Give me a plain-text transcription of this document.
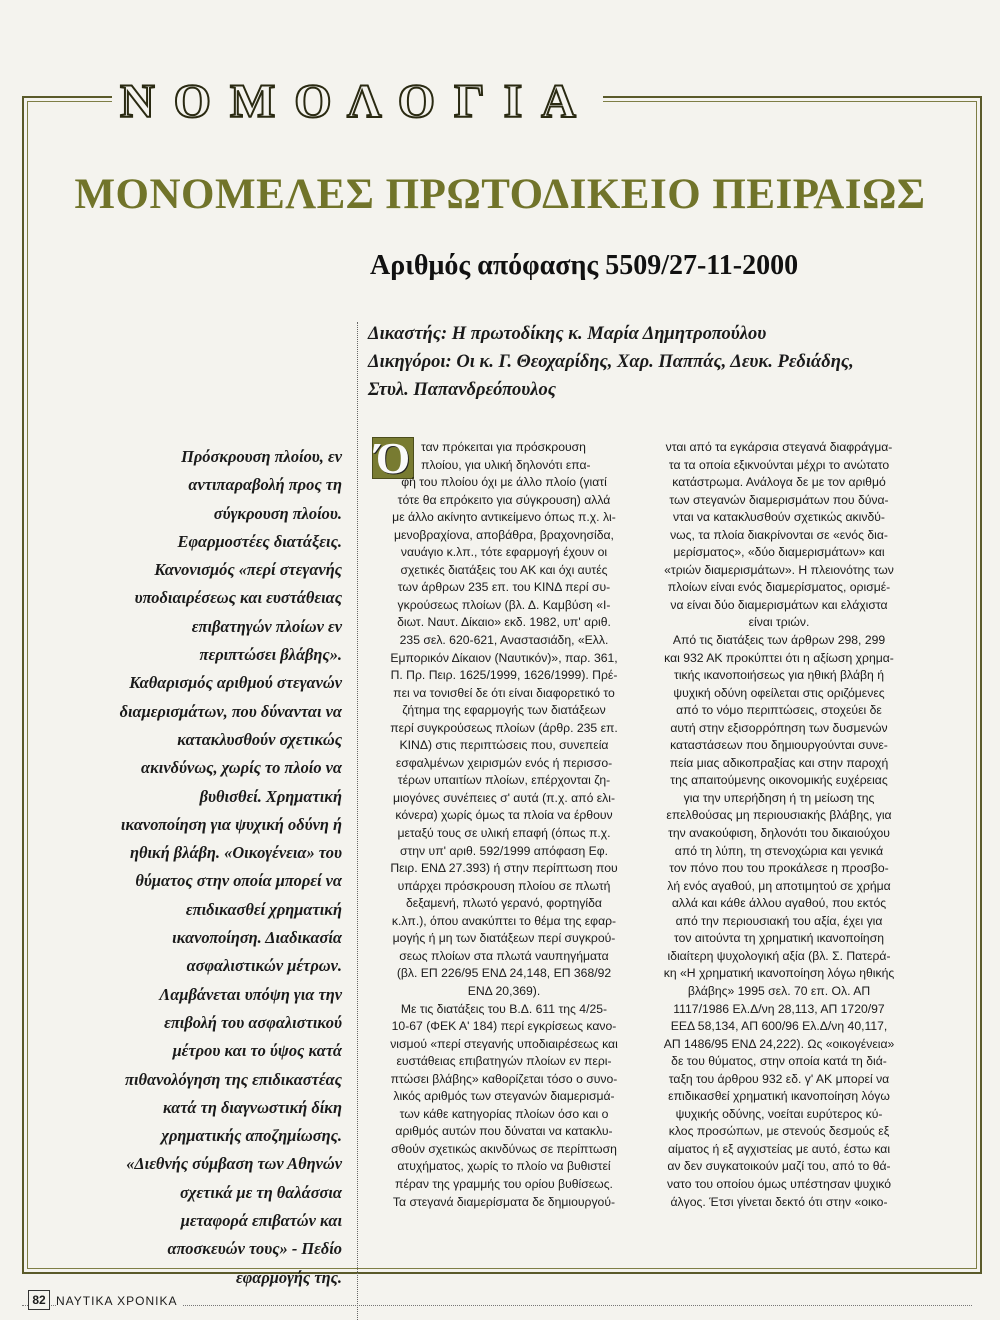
ΝΟΜΟΛΟΓΙΑ
ΜΟΝΟΜΕΛΕΣ ΠΡΩΤΟΔΙΚΕΙΟ ΠΕΙΡΑΙΩΣ
Αριθμός απόφασης 5509/27-11-2000
Δικαστής: Η πρωτοδίκης κ. Μαρία Δημητροπούλου
Δικηγόροι: Οι κ. Γ. Θεοχαρίδης, Χαρ. Παππάς, Δευκ. Ρεδιάδης,
Στυλ. Παπανδρεόπουλος
Πρόσκρουση πλοίου, εν
αντιπαραβολή προς τη
σύγκρουση πλοίου.
Εφαρμοστέες διατάξεις.
Κανονισμός «περί στεγανής
υποδιαιρέσεως και ευστάθειας
επιβατηγών πλοίων εν
περιπτώσει βλάβης».
Καθαρισμός αριθμού στεγανών
διαμερισμάτων, που δύνανται να
κατακλυσθούν σχετικώς
ακινδύνως, χωρίς το πλοίο να
βυθισθεί. Χρηματική
ικανοποίηση για ψυχική οδύνη ή
ηθική βλάβη. «Οικογένεια» του
θύματος στην οποία μπορεί να
επιδικασθεί χρηματική
ικανοποίηση. Διαδικασία
ασφαλιστικών μέτρων.
Λαμβάνεται υπόψη για την
επιβολή του ασφαλιστικού
μέτρου και το ύψος κατά
πιθανολόγηση της επιδικαστέας
κατά τη διαγνωστική δίκη
χρηματικής αποζημίωσης.
«Διεθνής σύμβαση των Αθηνών
σχετικά με τη θαλάσσια
μεταφορά επιβατών και
αποσκευών τους» - Πεδίο
εφαρμογής της.
Ό ταν πρόκειται για πρόσκρουση
πλοίου, για υλική δηλονότι επα-
φή του πλοίου όχι με άλλο πλοίο (γιατί
τότε θα επρόκειτο για σύγκρουση) αλλά
με άλλο ακίνητο αντικείμενο όπως π.χ. λι-
μενοβραχίονα, αποβάθρα, βραχονησίδα,
ναυάγιο κ.λπ., τότε εφαρμογή έχουν οι
σχετικές διατάξεις του ΑΚ και όχι αυτές
των άρθρων 235 επ. του ΚΙΝΔ περί συ-
γκρούσεως πλοίων (βλ. Δ. Καμβύση «Ι-
διωτ. Ναυτ. Δίκαιο» εκδ. 1982, υπ' αριθ.
235 σελ. 620-621, Αναστασιάδη, «Ελλ.
Εμπορικόν Δίκαιον (Ναυτικόν)», παρ. 361,
Π. Πρ. Πειρ. 1625/1999, 1626/1999). Πρέ-
πει να τονισθεί δε ότι είναι διαφορετικό το
ζήτημα της εφαρμογής των διατάξεων
περί συγκρούσεως πλοίων (άρθρ. 235 επ.
ΚΙΝΔ) στις περιπτώσεις που, συνεπεία
εσφαλμένων χειρισμών ενός ή περισσο-
τέρων υπαιτίων πλοίων, επέρχονται ζη-
μιογόνες συνέπειες σ' αυτά (π.χ. από ελι-
κόνερα) χωρίς όμως τα πλοία να έρθουν
μεταξύ τους σε υλική επαφή (όπως π.χ.
στην υπ' αριθ. 592/1999 απόφαση Εφ.
Πειρ. ΕΝΔ 27.393) ή στην περίπτωση που
υπάρχει πρόσκρουση πλοίου σε πλωτή
δεξαμενή, πλωτό γερανό, φορτηγίδα
κ.λπ.), όπου ανακύπτει το θέμα της εφαρ-
μογής ή μη των διατάξεων περί συγκρού-
σεως πλοίων στα πλωτά ναυπηγήματα
(βλ. ΕΠ 226/95 ΕΝΔ 24,148, ΕΠ 368/92
ΕΝΔ 20,369).
Με τις διατάξεις του Β.Δ. 611 της 4/25-
10-67 (ΦΕΚ Α' 184) περί εγκρίσεως κανο-
νισμού «περί στεγανής υποδιαιρέσεως και
ευστάθειας επιβατηγών πλοίων εν περι-
πτώσει βλάβης» καθορίζεται τόσο ο συνο-
λικός αριθμός των στεγανών διαμερισμά-
των κάθε κατηγορίας πλοίων όσο και ο
αριθμός αυτών που δύναται να κατακλυ-
σθούν σχετικώς ακινδύνως σε περίπτωση
ατυχήματος, χωρίς το πλοίο να βυθιστεί
πέραν της γραμμής του ορίου βυθίσεως.
Τα στεγανά διαμερίσματα δε δημιουργού-
νται από τα εγκάρσια στεγανά διαφράγμα-
τα τα οποία εξικνούνται μέχρι το ανώτατο
κατάστρωμα. Ανάλογα δε με τον αριθμό
των στεγανών διαμερισμάτων που δύνα-
νται να κατακλυσθούν σχετικώς ακινδύ-
νως, τα πλοία διακρίνονται σε «ενός δια-
μερίσματος», «δύο διαμερισμάτων» και
«τριών διαμερισμάτων». Η πλειονότης των
πλοίων είναι ενός διαμερίσματος, ορισμέ-
να είναι δύο διαμερισμάτων και ελάχιστα
είναι τριών.
Από τις διατάξεις των άρθρων 298, 299
και 932 ΑΚ προκύπτει ότι η αξίωση χρημα-
τικής ικανοποιήσεως για ηθική βλάβη ή
ψυχική οδύνη οφείλεται στις οριζόμενες
από το νόμο περιπτώσεις, στοχεύει δε
αυτή στην εξισορρόπηση των δυσμενών
καταστάσεων που δημιουργούνται συνε-
πεία μιας αδικοπραξίας και στην παροχή
της απαιτούμενης οικονομικής ευχέρειας
για την υπερήδηση ή τη μείωση της
επελθούσας μη περιουσιακής βλάβης, για
την ανακούφιση, δηλονότι του δικαιούχου
από τη λύπη, τη στενοχώρια και γενικά
τον πόνο που του προκάλεσε η προσβο-
λή ενός αγαθού, μη αποτιμητού σε χρήμα
αλλά και κάθε άλλου αγαθού, που εκτός
από την περιουσιακή του αξία, έχει για
τον αιτούντα τη χρηματική ικανοποίηση
ιδιαίτερη ψυχολογική αξία (βλ. Σ. Πατερά-
κη «Η χρηματική ικανοποίηση λόγω ηθικής
βλάβης» 1995 σελ. 70 επ. Ολ. ΑΠ
1117/1986 Ελ.Δ/νη 28,113, ΑΠ 1720/97
ΕΕΔ 58,134, ΑΠ 600/96 Ελ.Δ/νη 40,117,
ΑΠ 1486/95 ΕΝΔ 24,222). Ως «οικογένεια»
δε του θύματος, στην οποία κατά τη διά-
ταξη του άρθρου 932 εδ. γ' ΑΚ μπορεί να
επιδικασθεί χρηματική ικανοποίηση λόγω
ψυχικής οδύνης, νοείται ευρύτερος κύ-
κλος προσώπων, με στενούς δεσμούς εξ
αίματος ή εξ αγχιστείας με αυτό, έστω και
αν δεν συγκατοικούν μαζί του, από το θά-
νατο του οποίου όμως υπέστησαν ψυχικό
άλγος. Έτσι γίνεται δεκτό ότι στην «οικο-
82 ΝΑΥΤΙΚΑ ΧΡΟΝΙΚΑ
